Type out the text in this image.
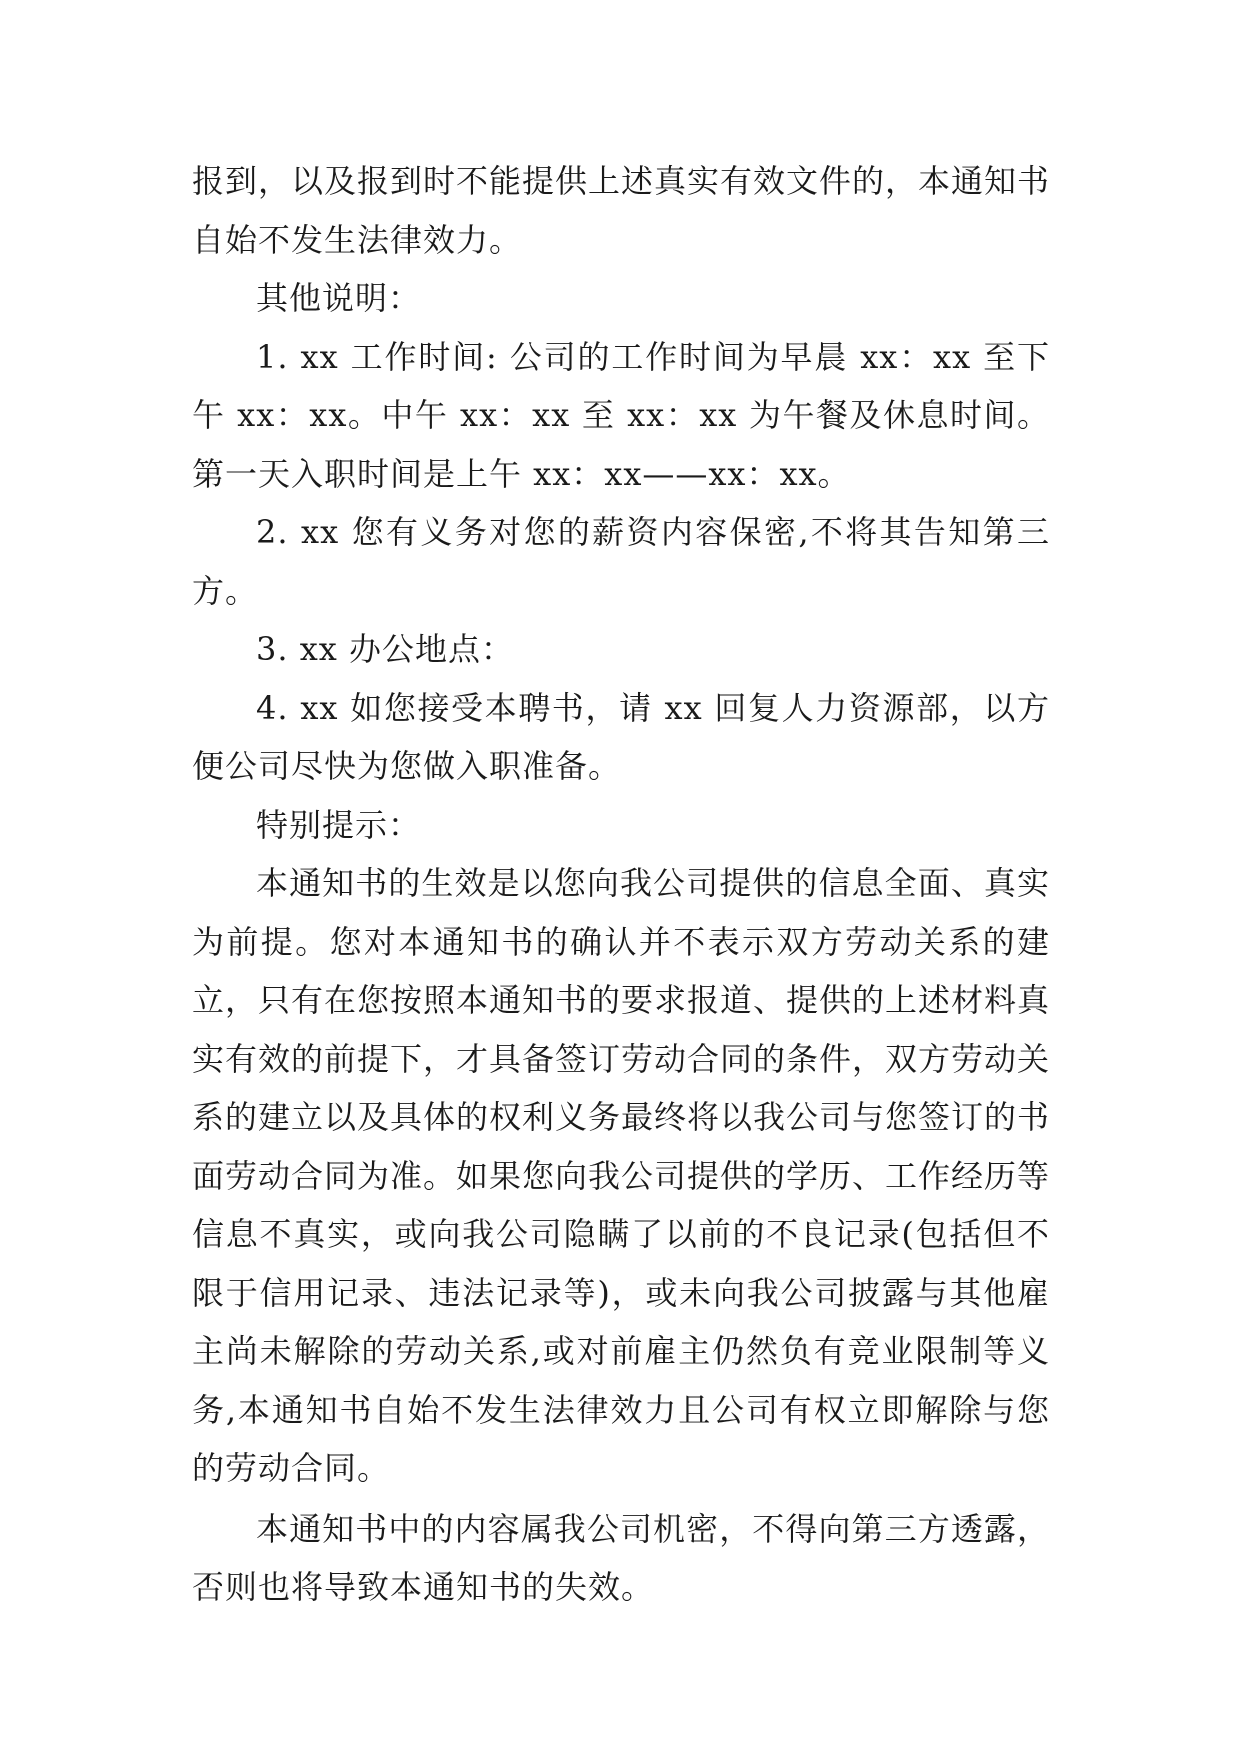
报到，以及报到时不能提供上述真实有效文件的，本通知书自始不发生法律效力。

其他说明：

1. xx 工作时间: 公司的工作时间为早晨 xx：xx 至下午 xx：xx。中午 xx：xx 至 xx：xx 为午餐及休息时间。第一天入职时间是上午 xx：xx——xx：xx。

2. xx 您有义务对您的薪资内容保密,不将其告知第三方。

3. xx 办公地点：

4. xx 如您接受本聘书，请 xx 回复人力资源部，以方便公司尽快为您做入职准备。

特别提示：

本通知书的生效是以您向我公司提供的信息全面、真实为前提。您对本通知书的确认并不表示双方劳动关系的建立，只有在您按照本通知书的要求报道、提供的上述材料真实有效的前提下，才具备签订劳动合同的条件，双方劳动关系的建立以及具体的权利义务最终将以我公司与您签订的书面劳动合同为准。如果您向我公司提供的学历、工作经历等信息不真实，或向我公司隐瞒了以前的不良记录(包括但不限于信用记录、违法记录等)，或未向我公司披露与其他雇主尚未解除的劳动关系,或对前雇主仍然负有竞业限制等义务,本通知书自始不发生法律效力且公司有权立即解除与您的劳动合同。

本通知书中的内容属我公司机密，不得向第三方透露，否则也将导致本通知书的失效。
